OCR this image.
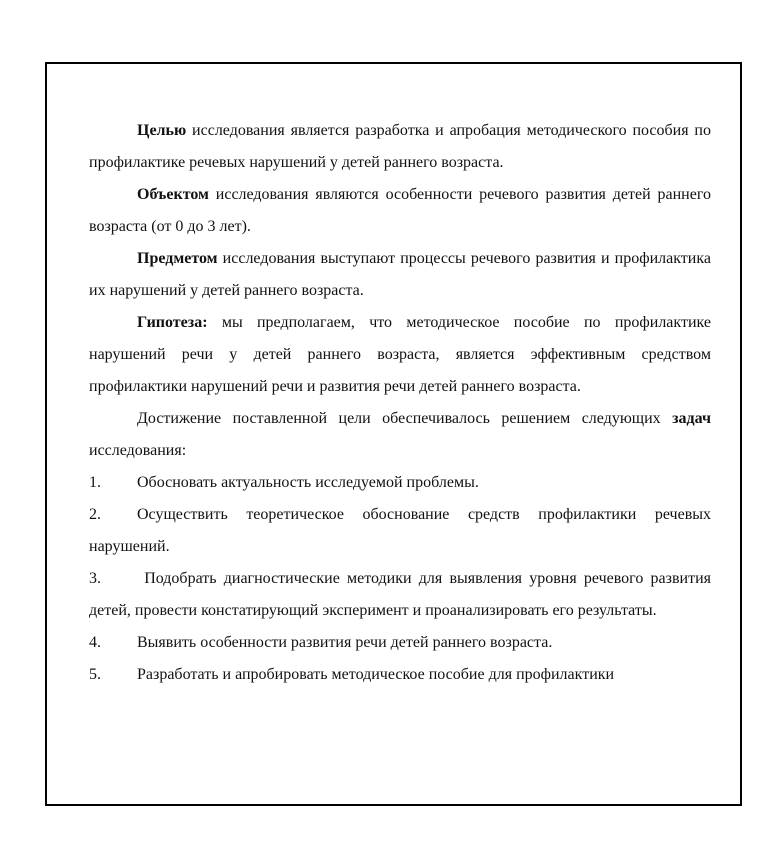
Целью исследования является разработка и апробация методического пособия по профилактике речевых нарушений у детей раннего возраста.

Объектом исследования являются особенности речевого развития детей раннего возраста (от 0 до 3 лет).

Предметом исследования выступают процессы речевого развития и профилактика их нарушений у детей раннего возраста.

Гипотеза: мы предполагаем, что методическое пособие по профилактике нарушений речи у детей раннего возраста, является эффективным средством профилактики нарушений речи и развития речи детей раннего возраста.

Достижение поставленной цели обеспечивалось решением следующих задач исследования:

1. Обосновать актуальность исследуемой проблемы.

2. Осуществить теоретическое обоснование средств профилактики речевых нарушений.

3. Подобрать диагностические методики для выявления уровня речевого развития детей, провести констатирующий эксперимент и проанализировать его результаты.

4. Выявить особенности развития речи детей раннего возраста.

5. Разработать и апробировать методическое пособие для профилактики
